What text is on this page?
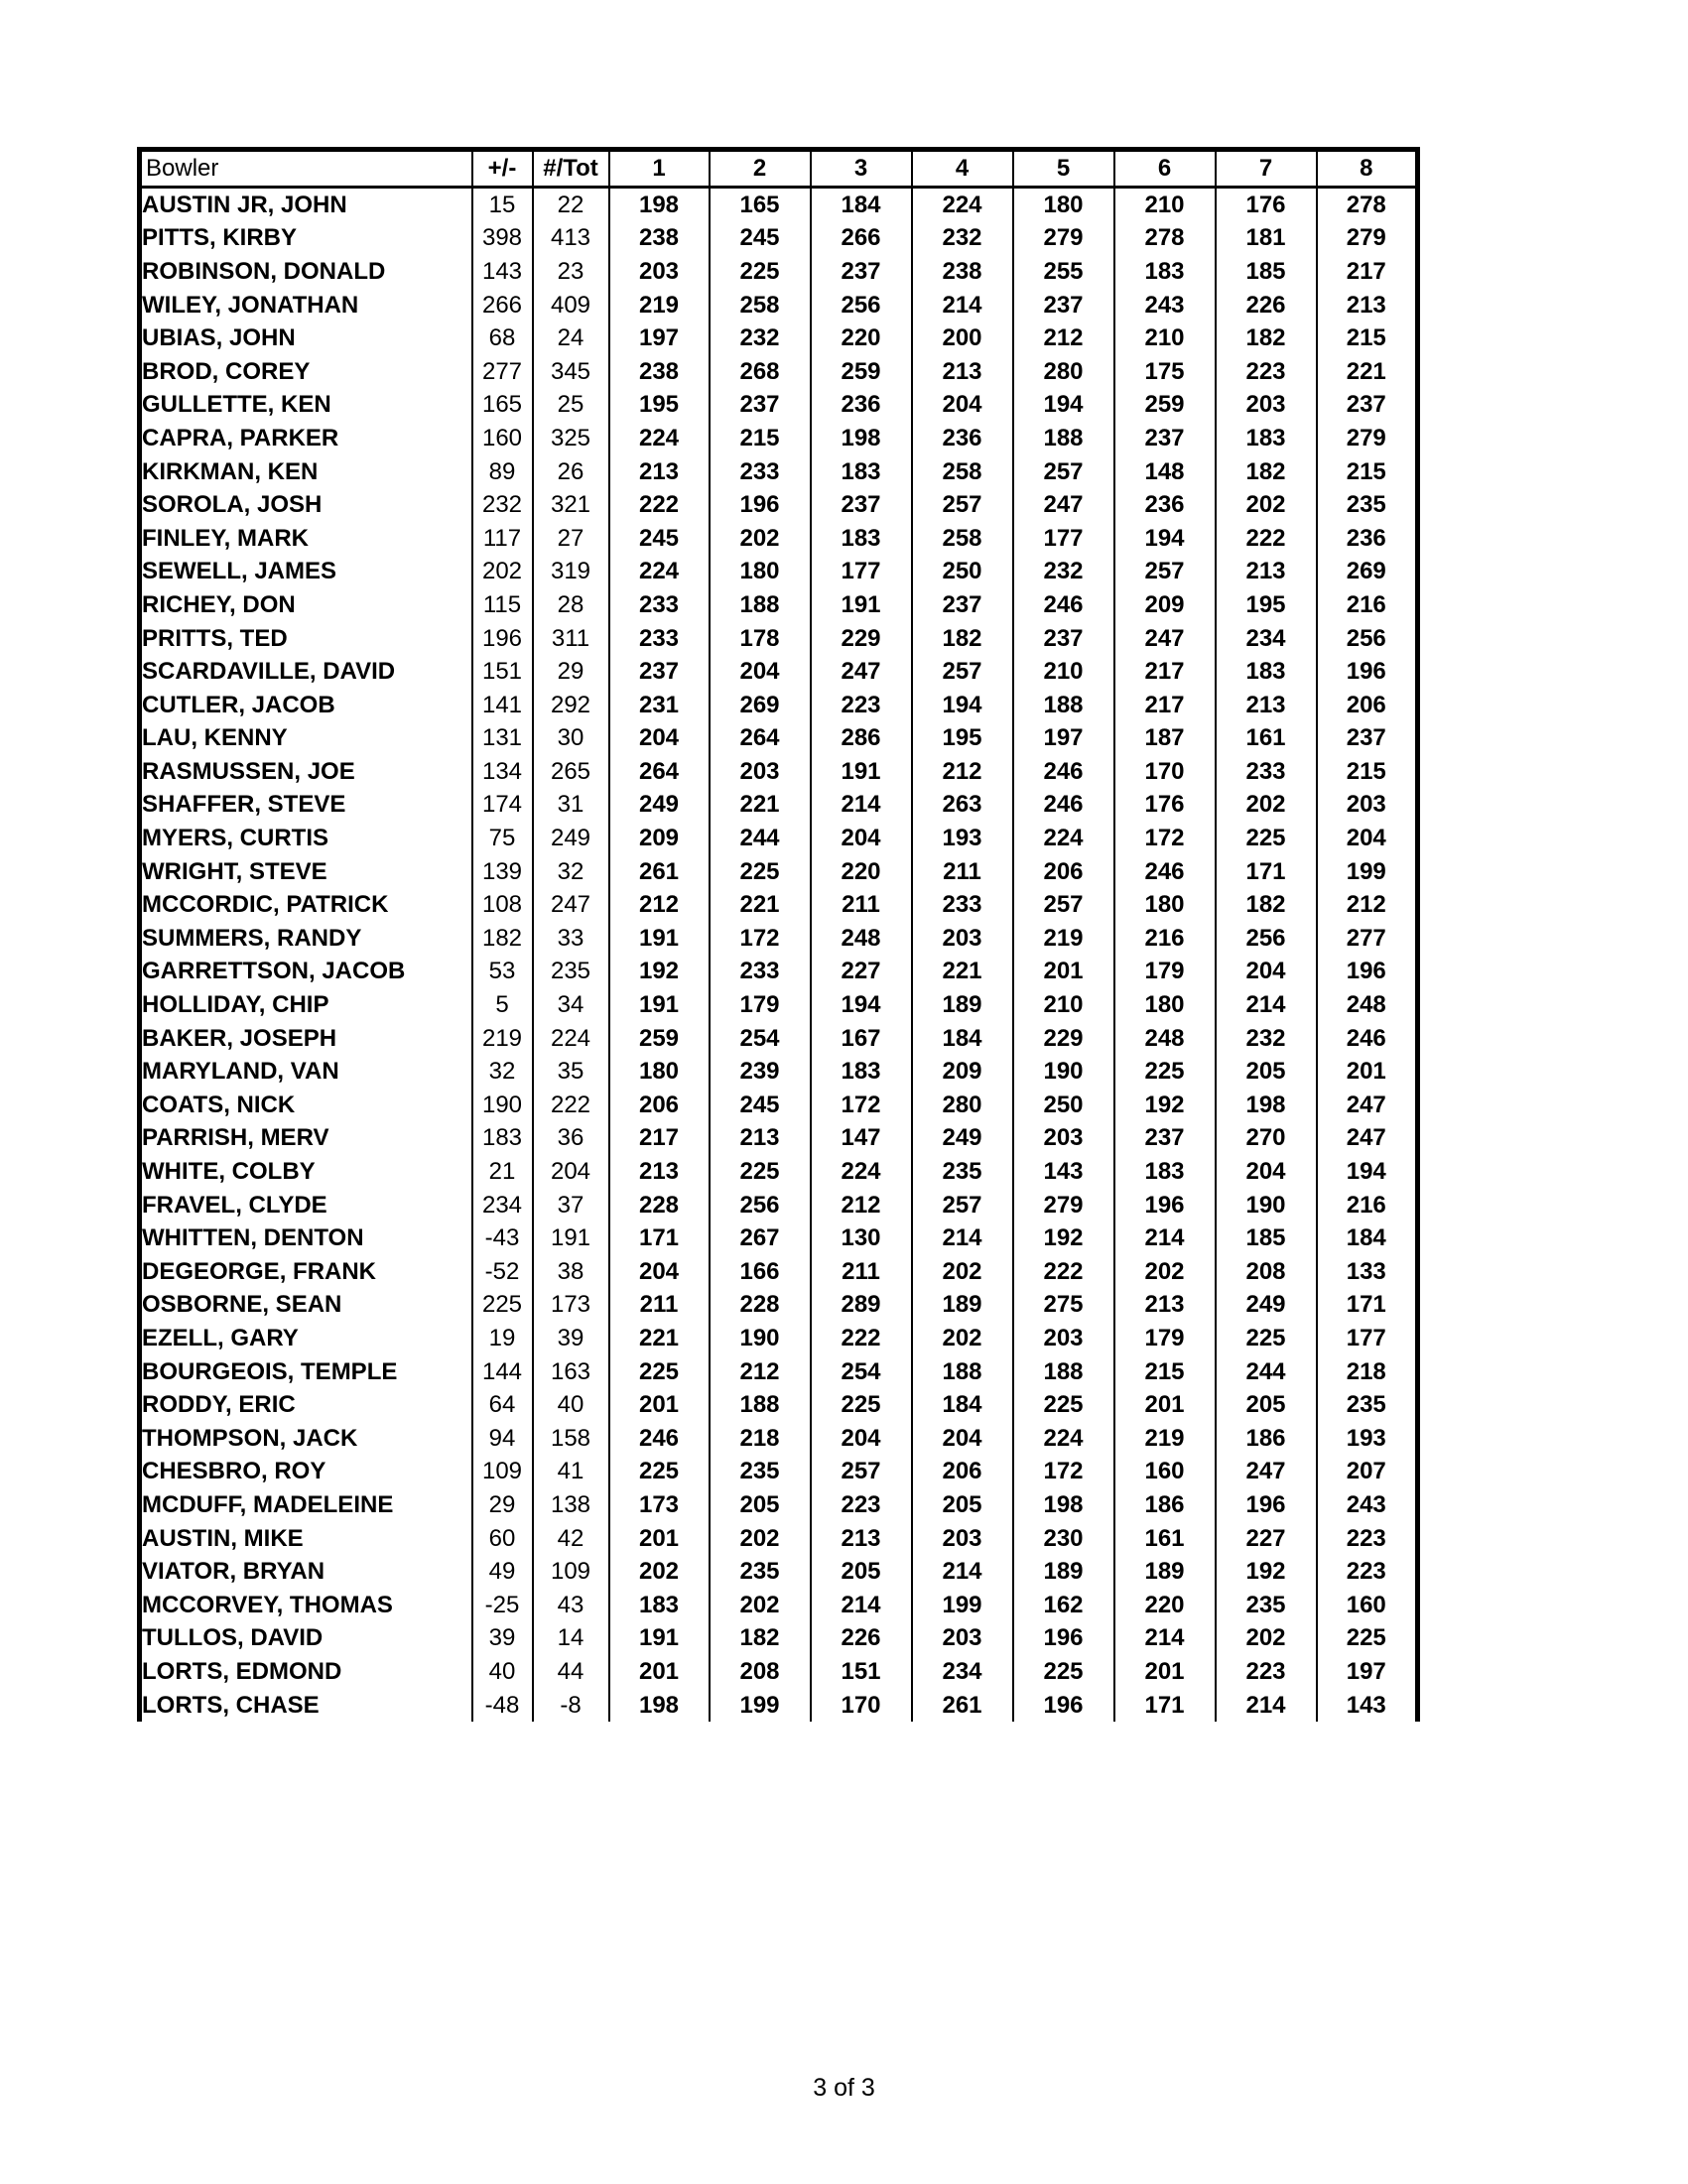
Bowler	+/-	#/Tot	1	2	3	4	5	6	7	8
AUSTIN JR, JOHN	15	22	198	165	184	224	180	210	176	278
PITTS, KIRBY	398	413	238	245	266	232	279	278	181	279
ROBINSON, DONALD	143	23	203	225	237	238	255	183	185	217
WILEY, JONATHAN	266	409	219	258	256	214	237	243	226	213
UBIAS, JOHN	68	24	197	232	220	200	212	210	182	215
BROD, COREY	277	345	238	268	259	213	280	175	223	221
GULLETTE, KEN	165	25	195	237	236	204	194	259	203	237
CAPRA, PARKER	160	325	224	215	198	236	188	237	183	279
KIRKMAN, KEN	89	26	213	233	183	258	257	148	182	215
SOROLA, JOSH	232	321	222	196	237	257	247	236	202	235
FINLEY, MARK	117	27	245	202	183	258	177	194	222	236
SEWELL, JAMES	202	319	224	180	177	250	232	257	213	269
RICHEY, DON	115	28	233	188	191	237	246	209	195	216
PRITTS, TED	196	311	233	178	229	182	237	247	234	256
SCARDAVILLE, DAVID	151	29	237	204	247	257	210	217	183	196
CUTLER, JACOB	141	292	231	269	223	194	188	217	213	206
LAU, KENNY	131	30	204	264	286	195	197	187	161	237
RASMUSSEN, JOE	134	265	264	203	191	212	246	170	233	215
SHAFFER, STEVE	174	31	249	221	214	263	246	176	202	203
MYERS, CURTIS	75	249	209	244	204	193	224	172	225	204
WRIGHT, STEVE	139	32	261	225	220	211	206	246	171	199
MCCORDIC, PATRICK	108	247	212	221	211	233	257	180	182	212
SUMMERS, RANDY	182	33	191	172	248	203	219	216	256	277
GARRETTSON, JACOB	53	235	192	233	227	221	201	179	204	196
HOLLIDAY, CHIP	5	34	191	179	194	189	210	180	214	248
BAKER, JOSEPH	219	224	259	254	167	184	229	248	232	246
MARYLAND, VAN	32	35	180	239	183	209	190	225	205	201
COATS, NICK	190	222	206	245	172	280	250	192	198	247
PARRISH, MERV	183	36	217	213	147	249	203	237	270	247
WHITE, COLBY	21	204	213	225	224	235	143	183	204	194
FRAVEL, CLYDE	234	37	228	256	212	257	279	196	190	216
WHITTEN, DENTON	-43	191	171	267	130	214	192	214	185	184
DEGEORGE, FRANK	-52	38	204	166	211	202	222	202	208	133
OSBORNE, SEAN	225	173	211	228	289	189	275	213	249	171
EZELL, GARY	19	39	221	190	222	202	203	179	225	177
BOURGEOIS, TEMPLE	144	163	225	212	254	188	188	215	244	218
RODDY, ERIC	64	40	201	188	225	184	225	201	205	235
THOMPSON, JACK	94	158	246	218	204	204	224	219	186	193
CHESBRO, ROY	109	41	225	235	257	206	172	160	247	207
MCDUFF, MADELEINE	29	138	173	205	223	205	198	186	196	243
AUSTIN, MIKE	60	42	201	202	213	203	230	161	227	223
VIATOR, BRYAN	49	109	202	235	205	214	189	189	192	223
MCCORVEY, THOMAS	-25	43	183	202	214	199	162	220	235	160
TULLOS, DAVID	39	14	191	182	226	203	196	214	202	225
LORTS, EDMOND	40	44	201	208	151	234	225	201	223	197
LORTS, CHASE	-48	-8	198	199	170	261	196	171	214	143
3 of 3
